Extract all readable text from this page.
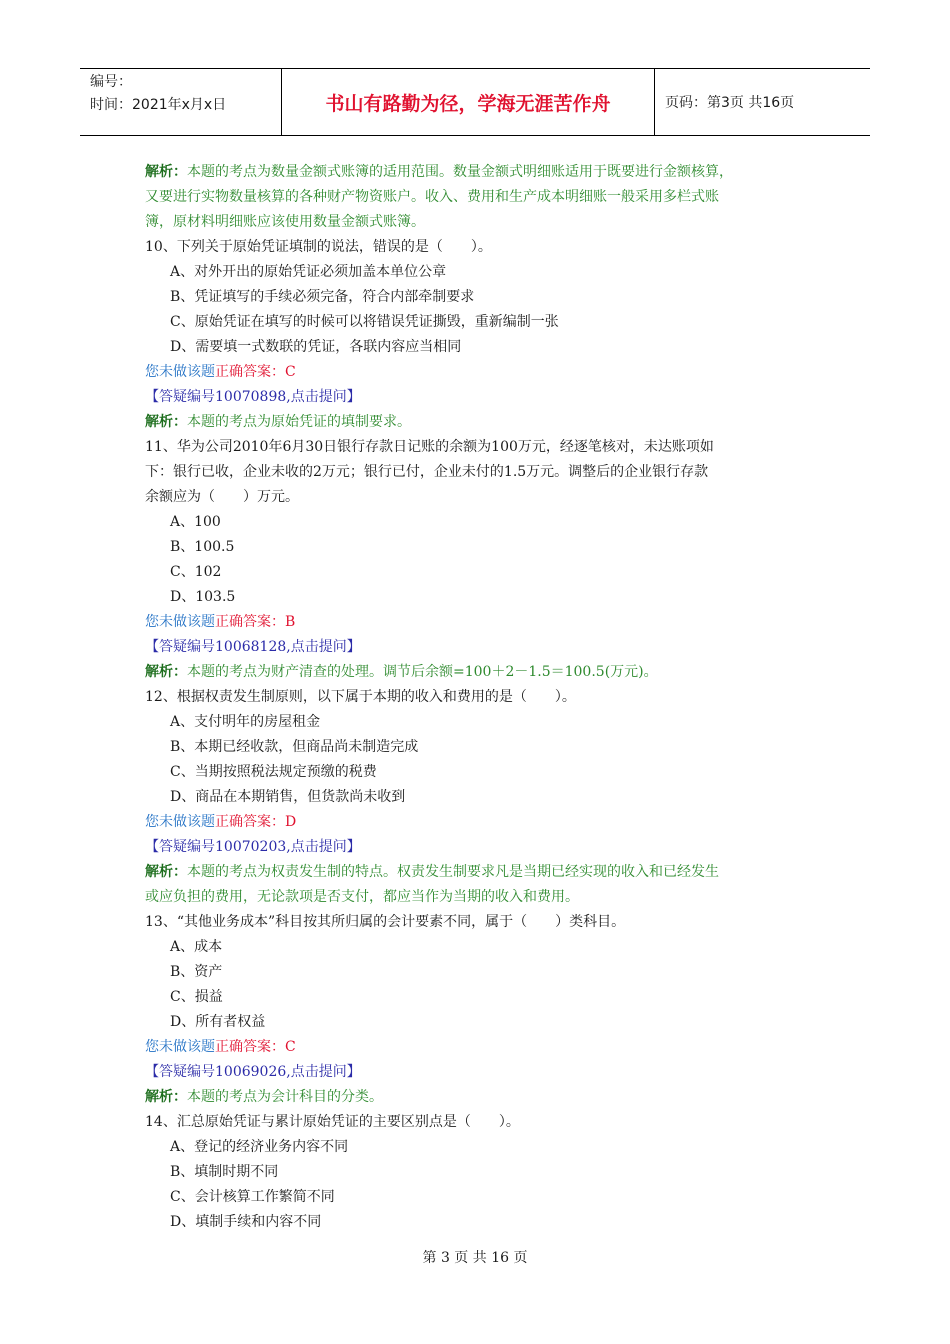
编号：
时间：2021年x月x日	书山有路勤为径，学海无涯苦作舟	页码：第3页 共16页
解析：本题的考点为数量金额式账簿的适用范围。数量金额式明细账适用于既要进行金额核算，
又要进行实物数量核算的各种财产物资账户。收入、费用和生产成本明细账一般采用多栏式账
簿，原材料明细账应该使用数量金额式账簿。
10、下列关于原始凭证填制的说法，错误的是（　　）。
A、对外开出的原始凭证必须加盖本单位公章
B、凭证填写的手续必须完备，符合内部牵制要求
C、原始凭证在填写的时候可以将错误凭证撕毁，重新编制一张
D、需要填一式数联的凭证，各联内容应当相同
您未做该题正确答案：C
【答疑编号10070898,点击提问】
解析：本题的考点为原始凭证的填制要求。
11、华为公司2010年6月30日银行存款日记账的余额为100万元，经逐笔核对，未达账项如
下：银行已收，企业未收的2万元；银行已付，企业未付的1.5万元。调整后的企业银行存款
余额应为（　　）万元。
A、100
B、100.5
C、102
D、103.5
您未做该题正确答案：B
【答疑编号10068128,点击提问】
解析：本题的考点为财产清查的处理。调节后余额=100＋2－1.5＝100.5(万元)。
12、根据权责发生制原则，以下属于本期的收入和费用的是（　　）。
A、支付明年的房屋租金
B、本期已经收款，但商品尚未制造完成
C、当期按照税法规定预缴的税费
D、商品在本期销售，但货款尚未收到
您未做该题正确答案：D
【答疑编号10070203,点击提问】
解析：本题的考点为权责发生制的特点。权责发生制要求凡是当期已经实现的收入和已经发生
或应负担的费用，无论款项是否支付，都应当作为当期的收入和费用。
13、“其他业务成本”科目按其所归属的会计要素不同，属于（　　）类科目。
A、成本
B、资产
C、损益
D、所有者权益
您未做该题正确答案：C
【答疑编号10069026,点击提问】
解析：本题的考点为会计科目的分类。
14、汇总原始凭证与累计原始凭证的主要区别点是（　　）。
A、登记的经济业务内容不同
B、填制时期不同
C、会计核算工作繁简不同
D、填制手续和内容不同
第 3 页 共 16 页
